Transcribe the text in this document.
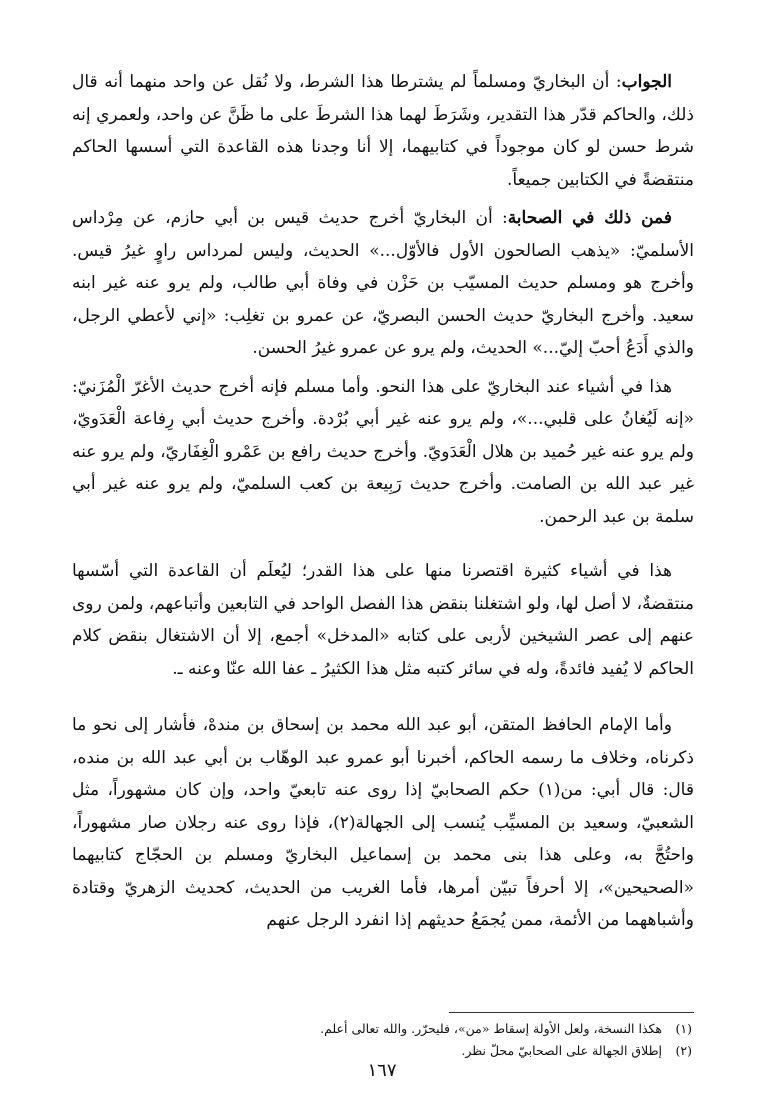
الجواب: أن البخاريّ ومسلماً لم يشترطا هذا الشرط، ولا نُقل عن واحد منهما أنه قال ذلك، والحاكم قدّر هذا التقدير، وشَرَطَ لهما هذا الشرطَ على ما ظَنَّ عن واحد، ولعمري إنه شرط حسن لو كان موجوداً في كتابيهما، إلا أنا وجدنا هذه القاعدة التي أسسها الحاكم منتقضةً في الكتابين جميعاً.

فمن ذلك في الصحابة: أن البخاريّ أخرج حديث قيس بن أبي حازم، عن مِرْداس الأسلميّ: «يذهب الصالحون الأول فالأوّل...» الحديث، وليس لمرداس راوٍ غيرُ قيس. وأخرج هو ومسلم حديث المسيّب بن حَزْن في وفاة أبي طالب، ولم يرو عنه غير ابنه سعيد. وأخرج البخاريّ حديث الحسن البصريّ، عن عمرو بن تغلِب: «إني لأعطي الرجل، والذي أَدَعُ أحبّ إليّ...» الحديث، ولم يرو عن عمرو غيرُ الحسن.

هذا في أشياء عند البخاريّ على هذا النحو. وأما مسلم فإنه أخرج حديث الأغرّ الْمُزَنيّ: «إنه لَيُغانُ على قلبي...»، ولم يرو عنه غير أبي بُرْدة. وأخرج حديث أبي رِفاعة الْعَدَويّ، ولم يرو عنه غير حُميد بن هلال الْعَدَويّ. وأخرج حديث رافع بن عَمْرو الْغِفَاريّ، ولم يرو عنه غير عبد الله بن الصامت. وأخرج حديث رَبِيعة بن كعب السلميّ، ولم يرو عنه غير أبي سلمة بن عبد الرحمن.

هذا في أشياء كثيرة اقتصرنا منها على هذا القدر؛ ليُعلَم أن القاعدة التي أسّسها منتقضةٌ، لا أصل لها، ولو اشتغلنا بنقض هذا الفصل الواحد في التابعين وأتباعهم، ولمن روى عنهم إلى عصر الشيخين لأربى على كتابه «المدخل» أجمع، إلا أن الاشتغال بنقض كلام الحاكم لا يُفيد فائدةً، وله في سائر كتبه مثل هذا الكثيرُ ـ عفا الله عنّا وعنه ـ.

وأما الإمام الحافظ المتقن، أبو عبد الله محمد بن إسحاق بن مندهْ، فأشار إلى نحو ما ذكرناه، وخلاف ما رسمه الحاكم، أخبرنا أبو عمرو عبد الوهّاب بن أبي عبد الله بن منده، قال: قال أبي: من(١) حكم الصحابيّ إذا روى عنه تابعيّ واحد، وإن كان مشهوراً، مثل الشعبيّ، وسعيد بن المسيِّب يُنسب إلى الجهالة(٢)، فإذا روى عنه رجلان صار مشهوراً، واحتُجَّ به، وعلى هذا بنى محمد بن إسماعيل البخاريّ ومسلم بن الحجّاج كتابيهما «الصحيحين»، إلا أحرفاً تبيّن أمرها، فأما الغريب من الحديث، كحديث الزهريّ وقتادة وأشباههما من الأئمة، ممن يُجمَعُ حديثهم إذا انفرد الرجل عنهم

(١) هكذا النسخة، ولعل الأولة إسقاط «من»، فليحرّر. والله تعالى أعلم.

(٢) إطلاق الجهالة على الصحابيّ محلّ نظر.

١٦٧
